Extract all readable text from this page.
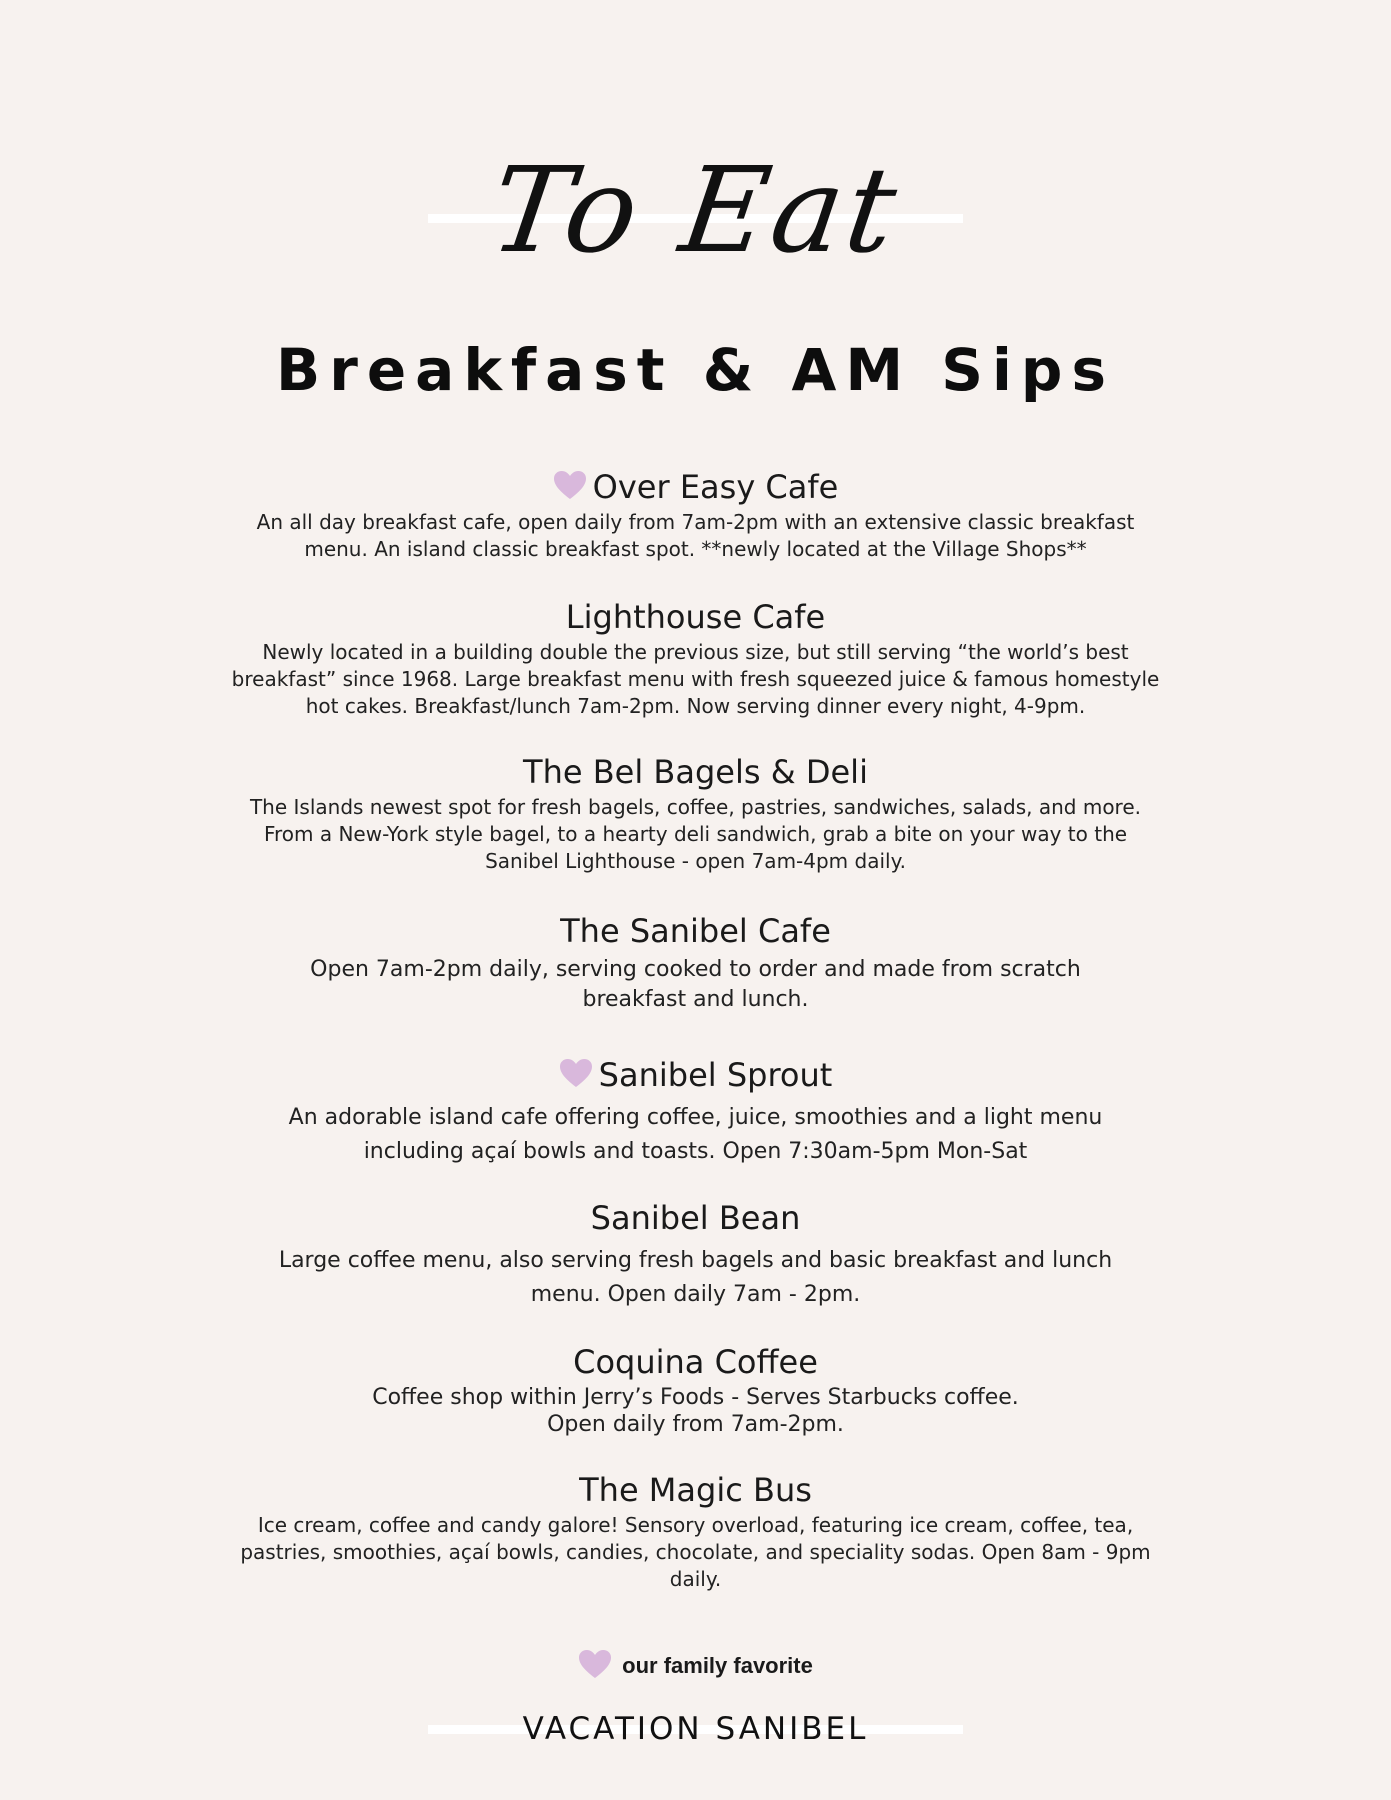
To Eat
Breakfast & AM Sips
Over Easy Cafe
An all day breakfast cafe, open daily from 7am-2pm with an extensive classic breakfast menu. An island classic breakfast spot. **newly located at the Village Shops**
Lighthouse Cafe
Newly located in a building double the previous size, but still serving “the world’s best breakfast” since 1968. Large breakfast menu with fresh squeezed juice & famous homestyle hot cakes. Breakfast/lunch 7am-2pm. Now serving dinner every night, 4-9pm.
The Bel Bagels & Deli
The Islands newest spot for fresh bagels, coffee, pastries, sandwiches, salads, and more. From a New-York style bagel, to a hearty deli sandwich, grab a bite on your way to the Sanibel Lighthouse - open 7am-4pm daily.
The Sanibel Cafe
Open 7am-2pm daily, serving cooked to order and made from scratch breakfast and lunch.
Sanibel Sprout
An adorable island cafe offering coffee, juice, smoothies and a light menu including açaí bowls and toasts. Open 7:30am-5pm Mon-Sat
Sanibel Bean
Large coffee menu, also serving fresh bagels and basic breakfast and lunch menu. Open daily 7am - 2pm.
Coquina Coffee
Coffee shop within Jerry’s Foods - Serves Starbucks coffee. Open daily from 7am-2pm.
The Magic Bus
Ice cream, coffee and candy galore! Sensory overload, featuring ice cream, coffee, tea, pastries, smoothies, açaí bowls, candies, chocolate, and speciality sodas. Open 8am - 9pm daily.
our family favorite
VACATION SANIBEL
